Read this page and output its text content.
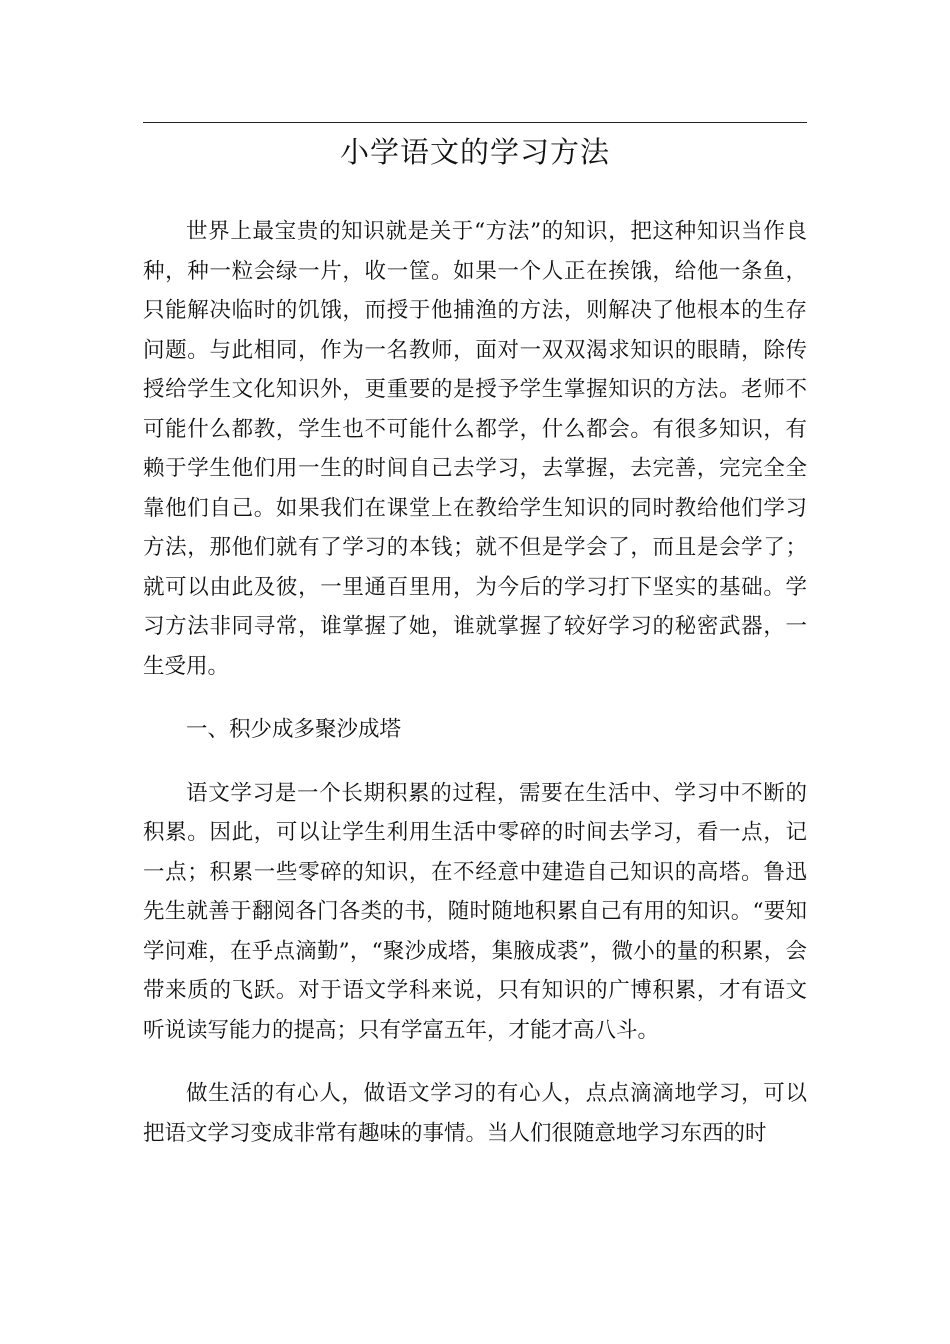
小学语文的学习方法

世界上最宝贵的知识就是关于“方法”的知识，把这种知识当作良种，种一粒会绿一片，收一筐。如果一个人正在挨饿，给他一条鱼，只能解决临时的饥饿，而授于他捕渔的方法，则解决了他根本的生存问题。与此相同，作为一名教师，面对一双双渴求知识的眼睛，除传授给学生文化知识外，更重要的是授予学生掌握知识的方法。老师不可能什么都教，学生也不可能什么都学，什么都会。有很多知识，有赖于学生他们用一生的时间自己去学习，去掌握，去完善，完完全全靠他们自己。如果我们在课堂上在教给学生知识的同时教给他们学习方法，那他们就有了学习的本钱；就不但是学会了，而且是会学了；就可以由此及彼，一里通百里用，为今后的学习打下坚实的基础。学习方法非同寻常，谁掌握了她，谁就掌握了较好学习的秘密武器，一生受用。

一、积少成多聚沙成塔

语文学习是一个长期积累的过程，需要在生活中、学习中不断的积累。因此，可以让学生利用生活中零碎的时间去学习，看一点，记一点；积累一些零碎的知识，在不经意中建造自己知识的高塔。鲁迅先生就善于翻阅各门各类的书，随时随地积累自己有用的知识。“要知学问难，在乎点滴勤”，“聚沙成塔，集腋成裘”，微小的量的积累，会带来质的飞跃。对于语文学科来说，只有知识的广博积累，才有语文听说读写能力的提高；只有学富五年，才能才高八斗。

做生活的有心人，做语文学习的有心人，点点滴滴地学习，可以把语文学习变成非常有趣味的事情。当人们很随意地学习东西的时
